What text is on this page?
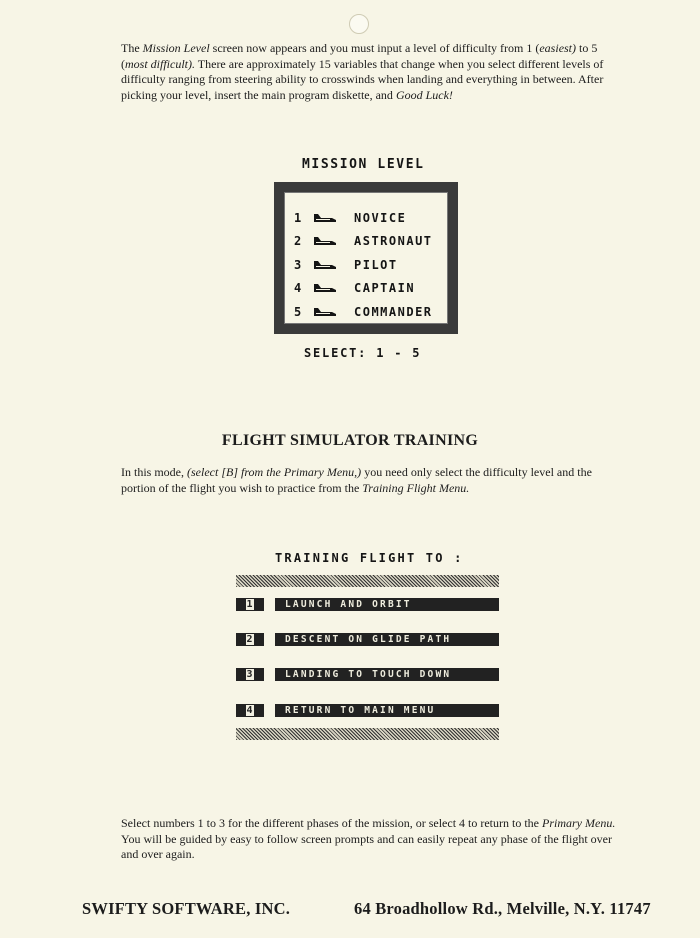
The Mission Level screen now appears and you must input a level of difficulty from 1 (easiest) to 5 (most difficult). There are approximately 15 variables that change when you select different levels of difficulty ranging from steering ability to crosswinds when landing and everything in between. After picking your level, insert the main program diskette, and Good Luck!

MISSION LEVEL
1	NOVICE
2	ASTRONAUT
3	PILOT
4	CAPTAIN
5	COMMANDER
SELECT: 1 - 5
FLIGHT SIMULATOR TRAINING

In this mode, (select [B] from the Primary Menu,) you need only select the difficulty level and the portion of the flight you wish to practice from the Training Flight Menu.

TRAINING FLIGHT TO :
1	LAUNCH AND ORBIT
2	DESCENT ON GLIDE PATH
3	LANDING TO TOUCH DOWN
4	RETURN TO MAIN MENU

Select numbers 1 to 3 for the different phases of the mission, or select 4 to return to the Primary Menu. You will be guided by easy to follow screen prompts and can easily repeat any phase of the flight over and over again.

SWIFTY SOFTWARE, INC.	64 Broadhollow Rd., Melville, N.Y. 11747
